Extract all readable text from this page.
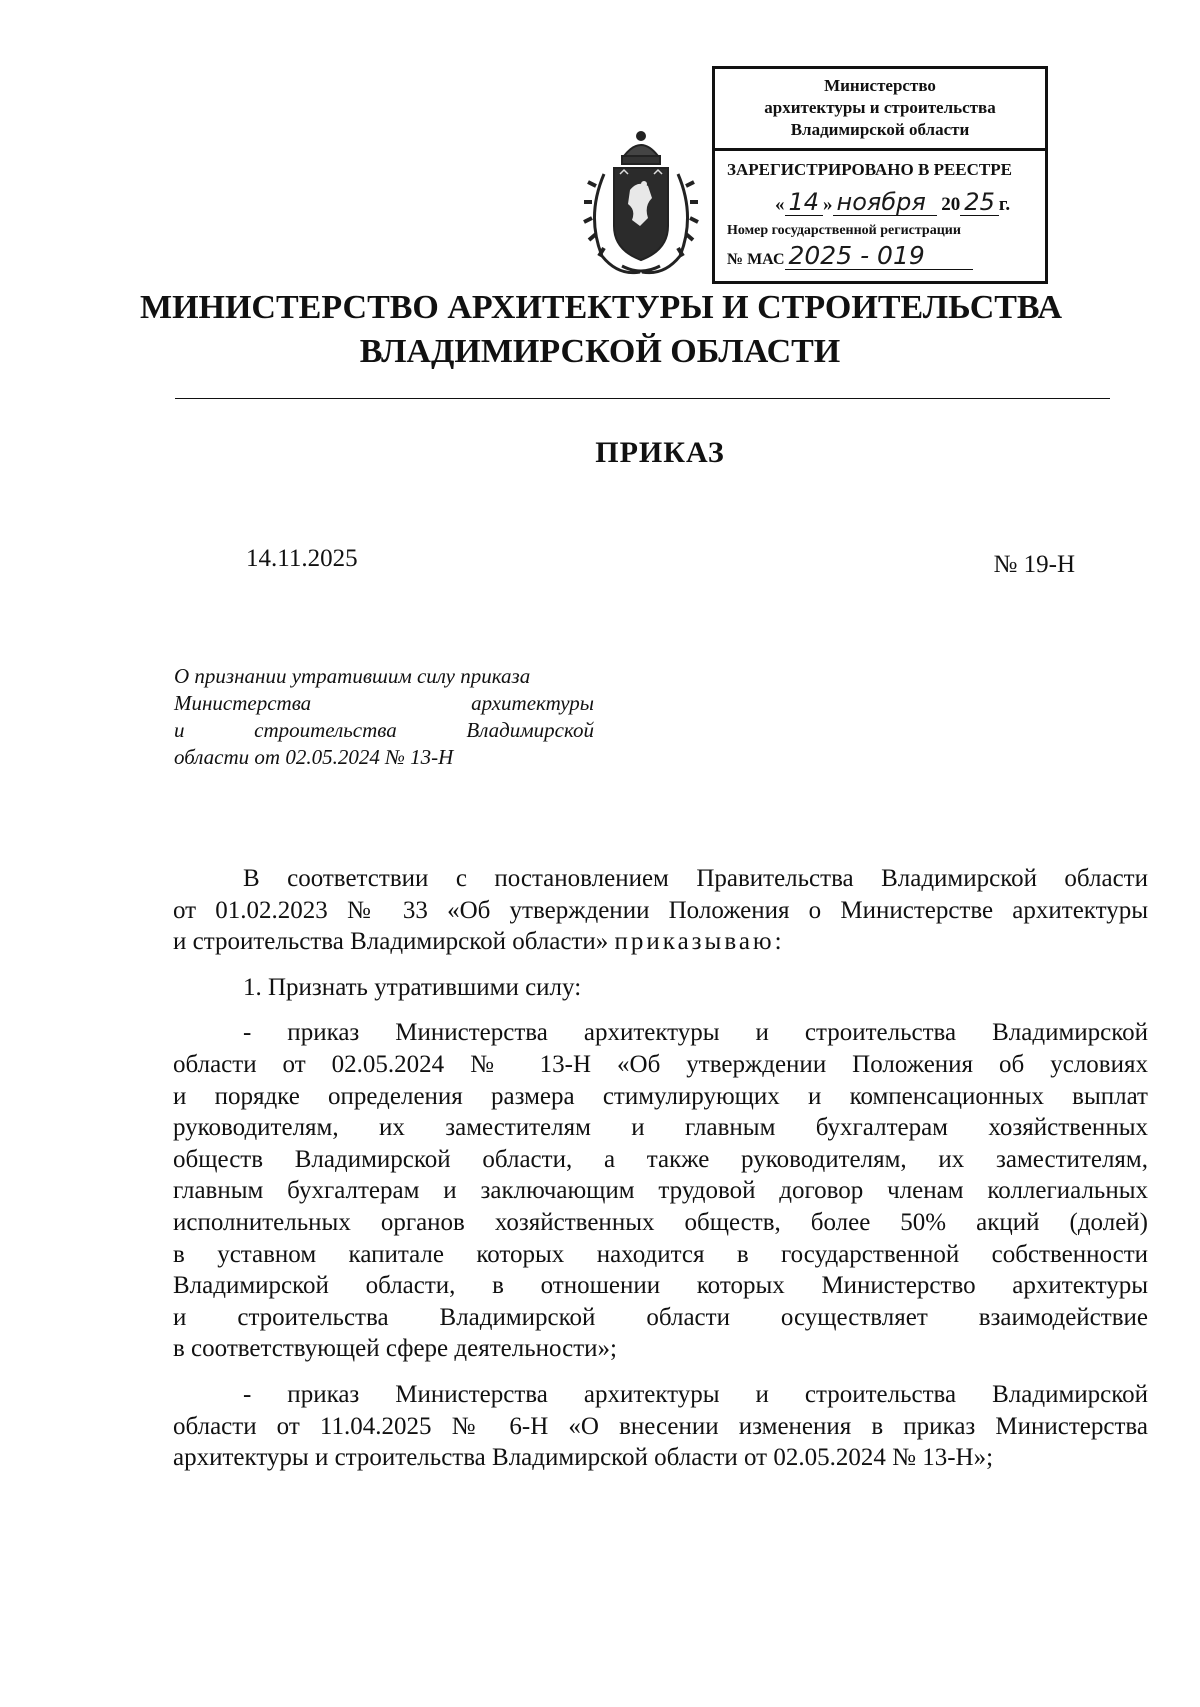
Министерство
архитектуры и строительства
Владимирской области
ЗАРЕГИСТРИРОВАНО В РЕЕСТРЕ
« 14 » ноября 20 25 г.
Номер государственной регистрации
№ МАС 2025 - 019
МИНИСТЕРСТВО АРХИТЕКТУРЫ И СТРОИТЕЛЬСТВА
ВЛАДИМИРСКОЙ ОБЛАСТИ
ПРИКАЗ
14.11.2025	№ 19-Н
О признании утратившим силу приказа
Министерства архитектуры
и строительства Владимирской
области от 02.05.2024 № 13-Н
В соответствии с постановлением Правительства Владимирской области
от 01.02.2023 № 33 «Об утверждении Положения о Министерстве архитектуры
и строительства Владимирской области» приказываю:
1. Признать утратившими силу:
- приказ Министерства архитектуры и строительства Владимирской
области от 02.05.2024 № 13-Н «Об утверждении Положения об условиях
и порядке определения размера стимулирующих и компенсационных выплат
руководителям, их заместителям и главным бухгалтерам хозяйственных
обществ Владимирской области, а также руководителям, их заместителям,
главным бухгалтерам и заключающим трудовой договор членам коллегиальных
исполнительных органов хозяйственных обществ, более 50% акций (долей)
в уставном капитале которых находится в государственной собственности
Владимирской области, в отношении которых Министерство архитектуры
и строительства Владимирской области осуществляет взаимодействие
в соответствующей сфере деятельности»;
- приказ Министерства архитектуры и строительства Владимирской
области от 11.04.2025 № 6-Н «О внесении изменения в приказ Министерства
архитектуры и строительства Владимирской области от 02.05.2024 № 13-Н»;
